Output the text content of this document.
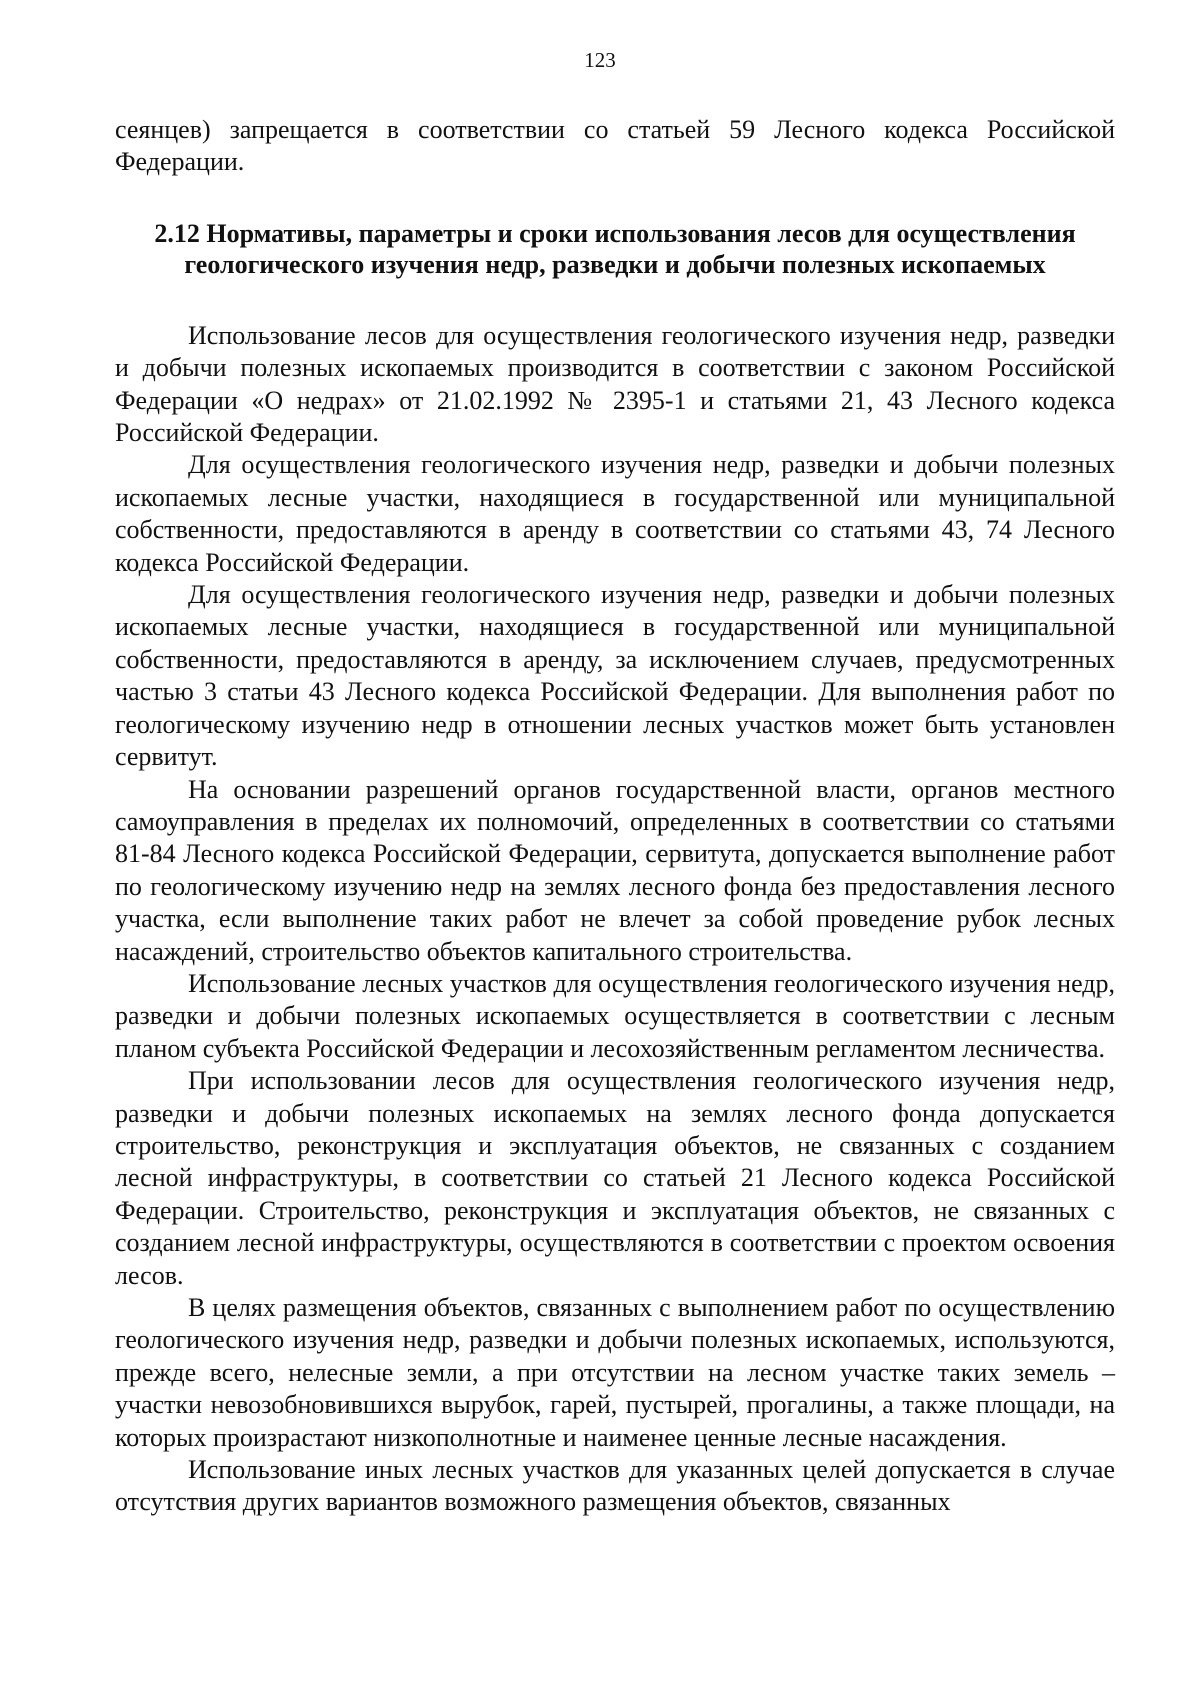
123

сеянцев) запрещается в соответствии со статьей 59 Лесного кодекса Российской Федерации.

2.12 Нормативы, параметры и сроки использования лесов для осуществления
геологического изучения недр, разведки и добычи полезных ископаемых

Использование лесов для осуществления геологического изучения недр, разведки и добычи полезных ископаемых производится в соответствии с законом Российской Федерации «О недрах» от 21.02.1992 № 2395-1 и статьями 21, 43 Лесного кодекса Российской Федерации.

Для осуществления геологического изучения недр, разведки и добычи полезных ископаемых лесные участки, находящиеся в государственной или муниципальной собственности, предоставляются в аренду в соответствии со статьями 43, 74 Лесного кодекса Российской Федерации.

Для осуществления геологического изучения недр, разведки и добычи полезных ископаемых лесные участки, находящиеся в государственной или муниципальной собственности, предоставляются в аренду, за исключением случаев, предусмотренных частью 3 статьи 43 Лесного кодекса Российской Федерации. Для выполнения работ по геологическому изучению недр в отношении лесных участков может быть установлен сервитут.

На основании разрешений органов государственной власти, органов местного самоуправления в пределах их полномочий, определенных в соответствии со статьями 81-84 Лесного кодекса Российской Федерации, сервитута, допускается выполнение работ по геологическому изучению недр на землях лесного фонда без предоставления лесного участка, если выполнение таких работ не влечет за собой проведение рубок лесных насаждений, строительство объектов капитального строительства.

Использование лесных участков для осуществления геологического изучения недр, разведки и добычи полезных ископаемых осуществляется в соответствии с лесным планом субъекта Российской Федерации и лесохозяйственным регламентом лесничества.

При использовании лесов для осуществления геологического изучения недр, разведки и добычи полезных ископаемых на землях лесного фонда допускается строительство, реконструкция и эксплуатация объектов, не связанных с созданием лесной инфраструктуры, в соответствии со статьей 21 Лесного кодекса Российской Федерации. Строительство, реконструкция и эксплуатация объектов, не связанных с созданием лесной инфраструктуры, осуществляются в соответствии с проектом освоения лесов.

В целях размещения объектов, связанных с выполнением работ по осуществлению геологического изучения недр, разведки и добычи полезных ископаемых, используются, прежде всего, нелесные земли, а при отсутствии на лесном участке таких земель – участки невозобновившихся вырубок, гарей, пустырей, прогалины, а также площади, на которых произрастают низкополнотные и наименее ценные лесные насаждения.

Использование иных лесных участков для указанных целей допускается в случае отсутствия других вариантов возможного размещения объектов, связанных
